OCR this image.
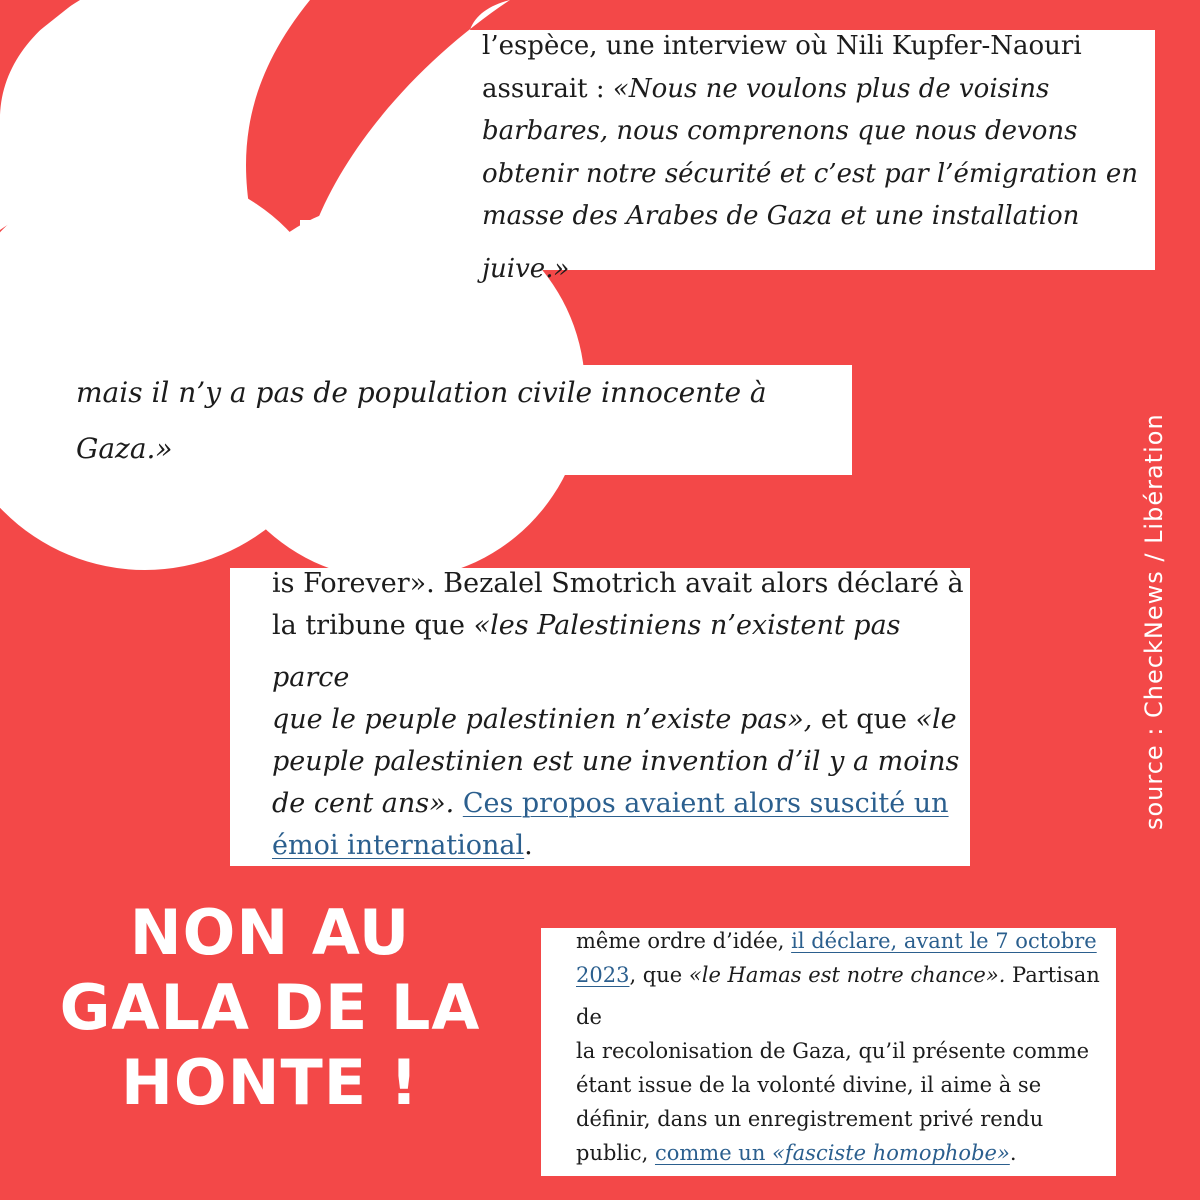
l’espèce, une interview où Nili Kupfer-Naouri

assurait : «Nous ne voulons plus de voisins

barbares, nous comprenons que nous devons

obtenir notre sécurité et c’est par l’émigration en

masse des Arabes de Gaza et une installation juive.»

mais il n’y a pas de population civile innocente à

Gaza.»

is Forever». Bezalel Smotrich avait alors déclaré à

la tribune que «les Palestiniens n’existent pas parce

que le peuple palestinien n’existe pas», et que «le

peuple palestinien est une invention d’il y a moins

de cent ans». Ces propos avaient alors suscité un

émoi international.

même ordre d’idée, il déclare, avant le 7 octobre

2023, que «le Hamas est notre chance». Partisan de

la recolonisation de Gaza, qu’il présente comme

étant issue de la volonté divine, il aime à se

définir, dans un enregistrement privé rendu

public, comme un «fasciste homophobe».

NON AU
GALA DE LA
HONTE !
source : CheckNews / Libération
